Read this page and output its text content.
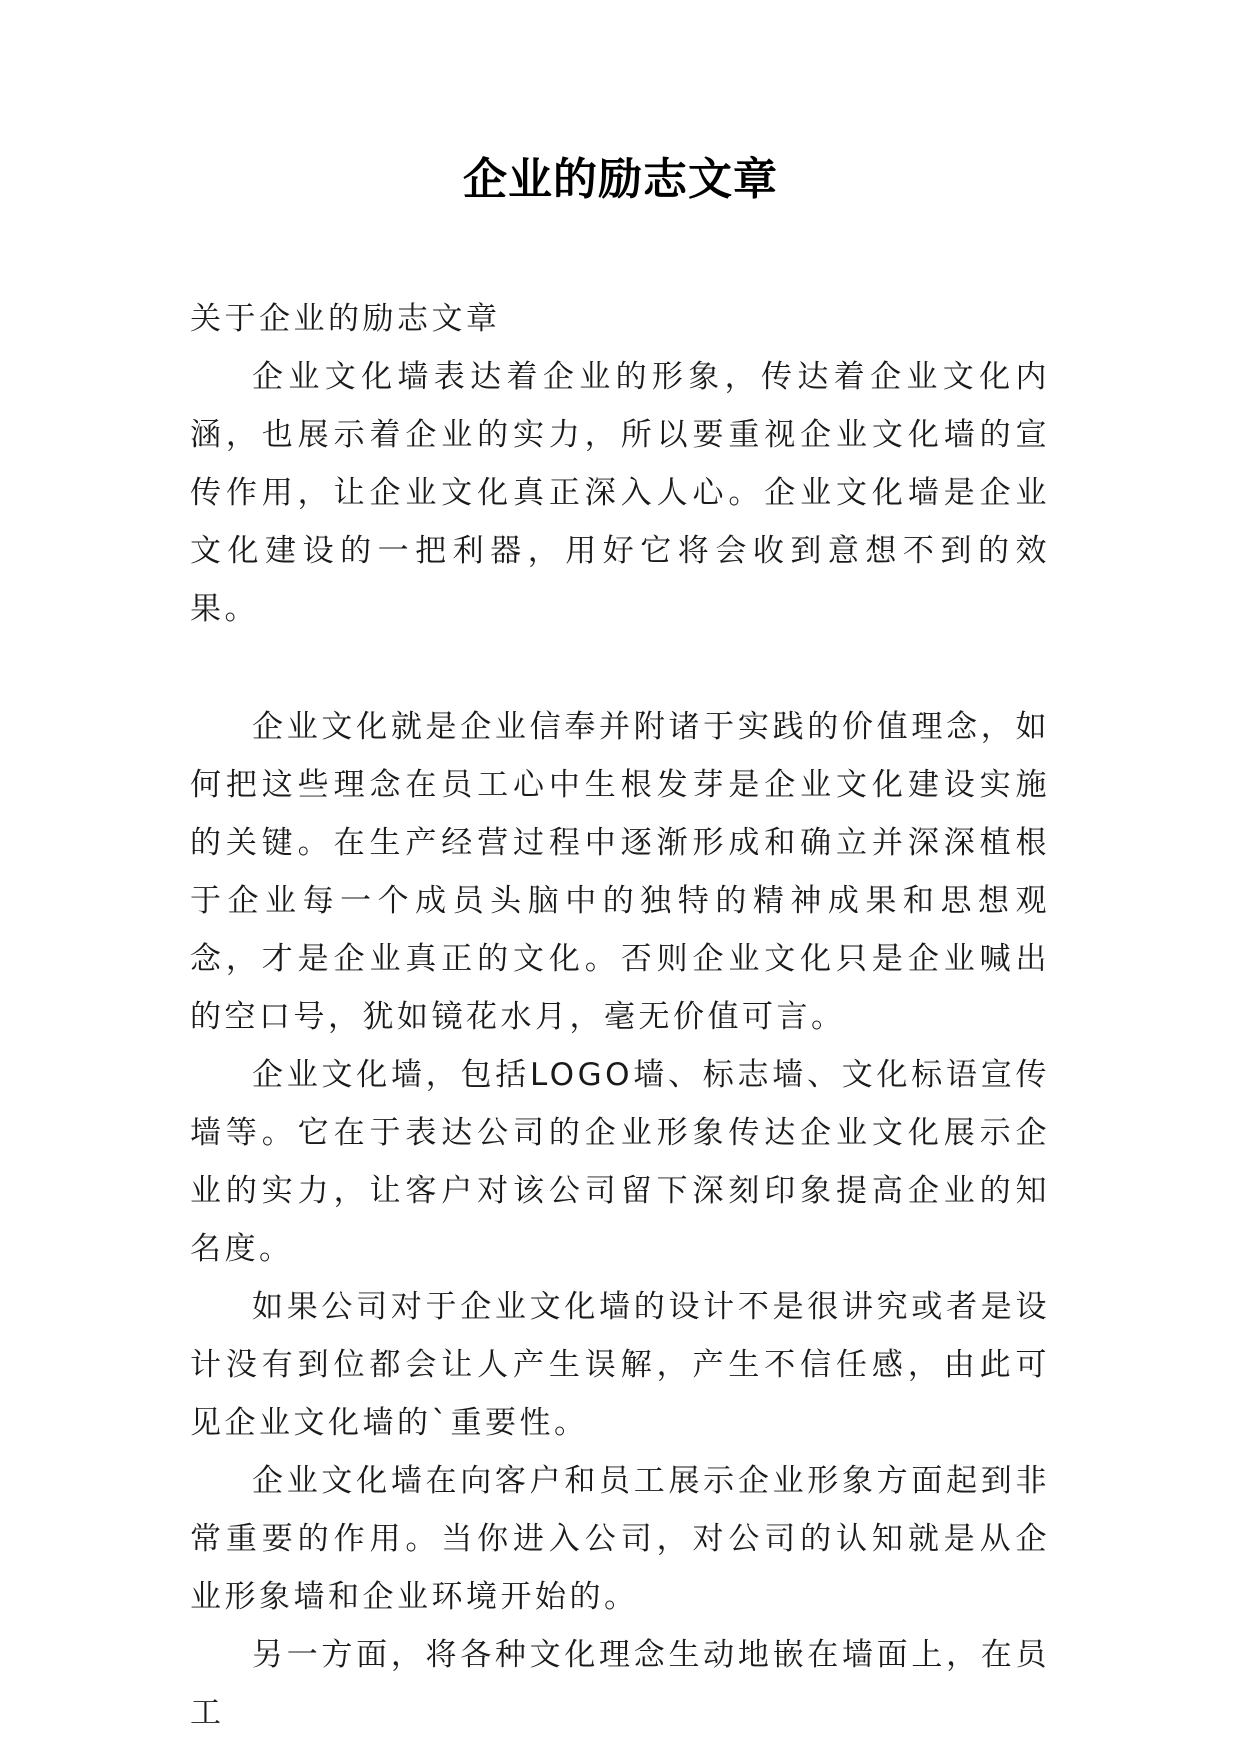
企业的励志文章

关于企业的励志文章

企业文化墙表达着企业的形象，传达着企业文化内涵，也展示着企业的实力，所以要重视企业文化墙的宣传作用，让企业文化真正深入人心。企业文化墙是企业文化建设的一把利器，用好它将会收到意想不到的效果。

企业文化就是企业信奉并附诸于实践的价值理念，如何把这些理念在员工心中生根发芽是企业文化建设实施的关键。在生产经营过程中逐渐形成和确立并深深植根于企业每一个成员头脑中的独特的精神成果和思想观念，才是企业真正的文化。否则企业文化只是企业喊出的空口号，犹如镜花水月，毫无价值可言。

企业文化墙，包括LOGO墙、标志墙、文化标语宣传墙等。它在于表达公司的企业形象传达企业文化展示企业的实力，让客户对该公司留下深刻印象提高企业的知名度。

如果公司对于企业文化墙的设计不是很讲究或者是设计没有到位都会让人产生误解，产生不信任感，由此可见企业文化墙的`重要性。

企业文化墙在向客户和员工展示企业形象方面起到非常重要的作用。当你进入公司，对公司的认知就是从企业形象墙和企业环境开始的。

另一方面，将各种文化理念生动地嵌在墙面上，在员工
